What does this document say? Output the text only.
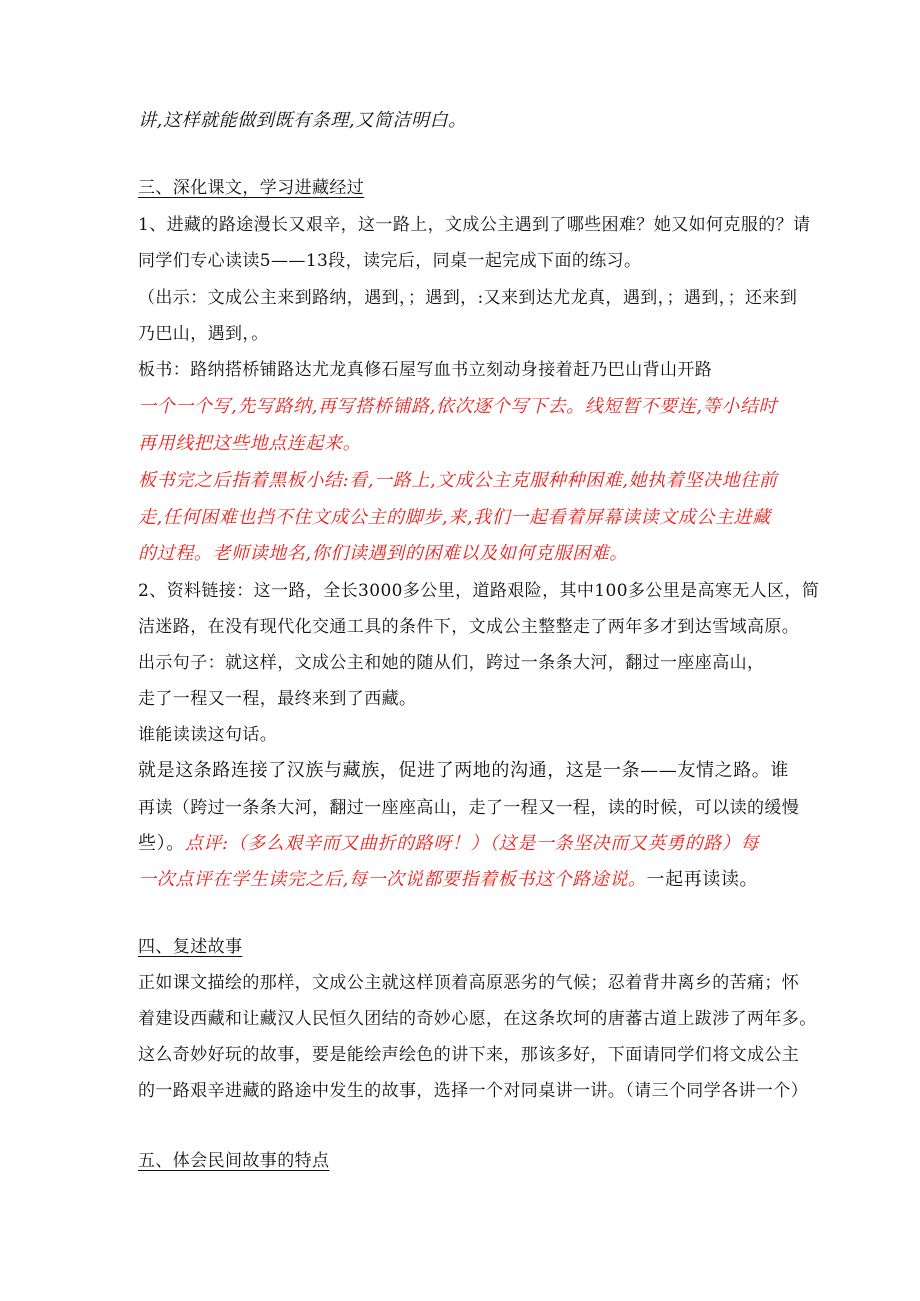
讲,这样就能做到既有条理,又简洁明白。
三、深化课文，学习进藏经过
1、进藏的路途漫长又艰辛，这一路上，文成公主遇到了哪些困难？她又如何克服的？请
同学们专心读读5——13段，读完后，同桌一起完成下面的练习。
（出示：文成公主来到路纳，遇到，；遇到，:又来到达尤龙真，遇到，；遇到，；还来到
乃巴山，遇到，。
板书：路纳搭桥铺路达尤龙真修石屋写血书立刻动身接着赶乃巴山背山开路
一个一个写,先写路纳,再写搭桥铺路,依次逐个写下去。线短暂不要连,等小结时
再用线把这些地点连起来。
板书完之后指着黑板小结:看,一路上,文成公主克服种种困难,她执着坚决地往前
走,任何困难也挡不住文成公主的脚步,来,我们一起看着屏幕读读文成公主进藏
的过程。老师读地名,你们读遇到的困难以及如何克服困难。
2、资料链接：这一路，全长3000多公里，道路艰险，其中100多公里是高寒无人区，简
洁迷路，在没有现代化交通工具的条件下，文成公主整整走了两年多才到达雪域高原。
出示句子：就这样，文成公主和她的随从们，跨过一条条大河，翻过一座座高山，
走了一程又一程，最终来到了西藏。
谁能读读这句话。
就是这条路连接了汉族与藏族，促进了两地的沟通，这是一条——友情之路。谁
再读（跨过一条条大河，翻过一座座高山，走了一程又一程，读的时候，可以读的缓慢
些）。点评:（多么艰辛而又曲折的路呀！）（这是一条坚决而又英勇的路）每
一次点评在学生读完之后,每一次说都要指着板书这个路途说。一起再读读。
四、复述故事
正如课文描绘的那样，文成公主就这样顶着高原恶劣的气候；忍着背井离乡的苦痛；怀
着建设西藏和让藏汉人民恒久团结的奇妙心愿，在这条坎坷的唐蕃古道上跋涉了两年多。
这么奇妙好玩的故事，要是能绘声绘色的讲下来，那该多好，下面请同学们将文成公主
的一路艰辛进藏的路途中发生的故事，选择一个对同桌讲一讲。（请三个同学各讲一个）
五、体会民间故事的特点
